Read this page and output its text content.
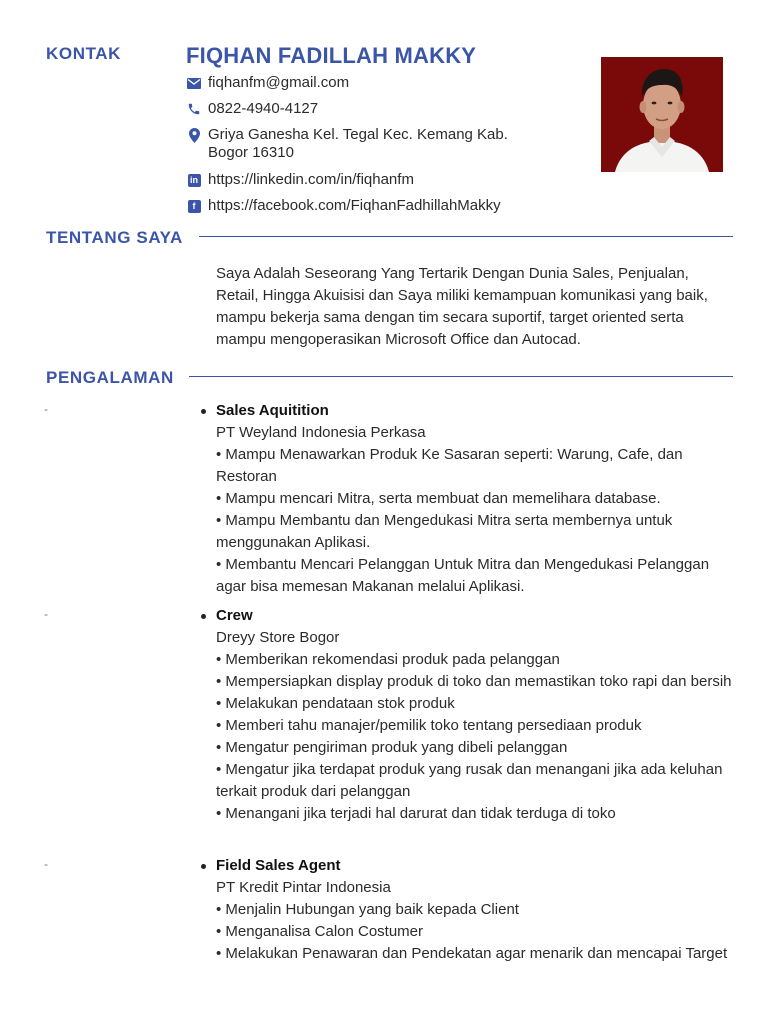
KONTAK
TENTANG SAYA
PENGALAMAN
FIQHAN FADILLAH MAKKY
fiqhanfm@gmail.com
0822-4940-4127
Griya Ganesha Kel. Tegal Kec. Kemang Kab.
Bogor 16310
in https://linkedin.com/in/fiqhanfm
f https://facebook.com/FiqhanFadhillahMakky

Saya Adalah Seseorang Yang Tertarik Dengan Dunia Sales, Penjualan, Retail, Hingga Akuisisi dan Saya miliki kemampuan komunikasi yang baik, mampu bekerja sama dengan tim secara suportif, target oriented serta mampu mengoperasikan Microsoft Office dan Autocad.

-	Sales Aquitition
PT Weyland Indonesia Perkasa
• Mampu Menawarkan Produk Ke Sasaran seperti: Warung, Cafe, dan Restoran
• Mampu mencari Mitra, serta membuat dan memelihara database.
• Mampu Membantu dan Mengedukasi Mitra serta membernya untuk menggunakan Aplikasi.
• Membantu Mencari Pelanggan Untuk Mitra dan Mengedukasi Pelanggan agar bisa memesan Makanan melalui Aplikasi.
-	Crew
Dreyy Store Bogor
• Memberikan rekomendasi produk pada pelanggan
• Mempersiapkan display produk di toko dan memastikan toko rapi dan bersih
• Melakukan pendataan stok produk
• Memberi tahu manajer/pemilik toko tentang persediaan produk
• Mengatur pengiriman produk yang dibeli pelanggan
• Mengatur jika terdapat produk yang rusak dan menangani jika ada keluhan terkait produk dari pelanggan
• Menangani jika terjadi hal darurat dan tidak terduga di toko
-	Field Sales Agent
PT Kredit Pintar Indonesia
• Menjalin Hubungan yang baik kepada Client
• Menganalisa Calon Costumer
• Melakukan Penawaran dan Pendekatan agar menarik dan mencapai Target
